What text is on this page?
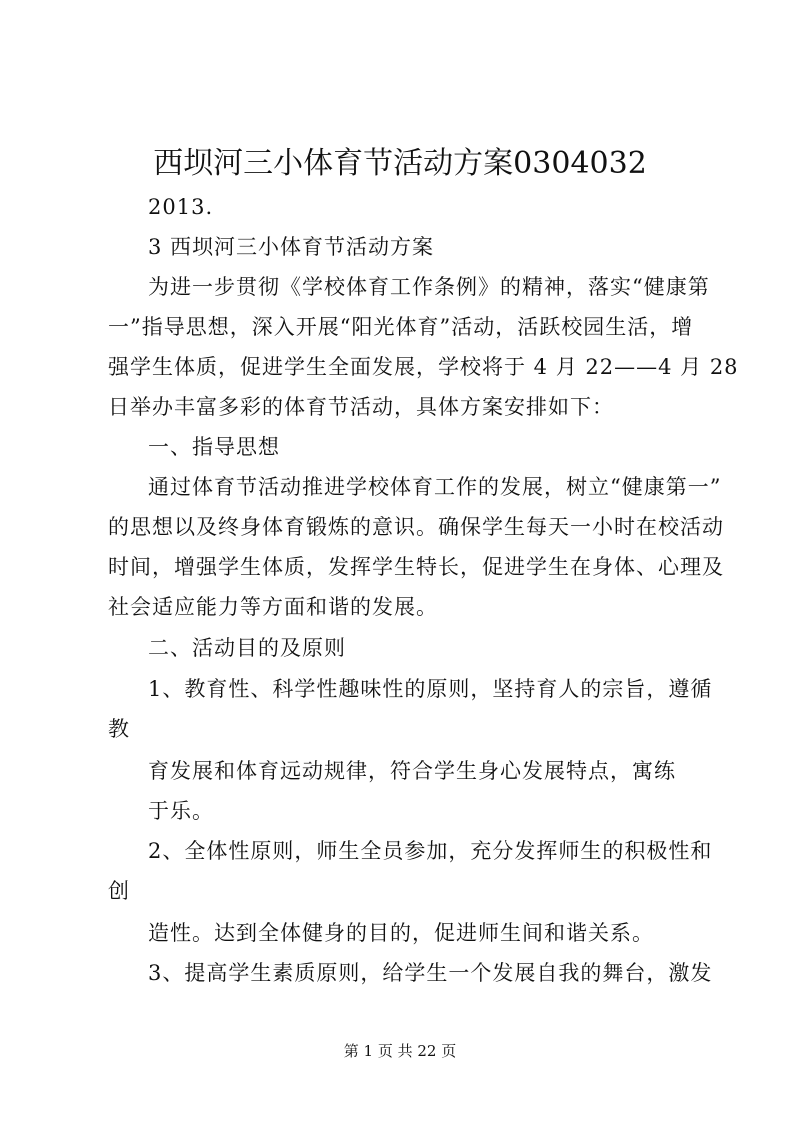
西坝河三小体育节活动方案0304032
2013.
3 西坝河三小体育节活动方案
为进一步贯彻《学校体育工作条例》的精神，落实“健康第
一”指导思想，深入开展“阳光体育”活动，活跃校园生活，增
强学生体质，促进学生全面发展，学校将于 4 月 22——4 月 28
日举办丰富多彩的体育节活动，具体方案安排如下：
一、指导思想
通过体育节活动推进学校体育工作的发展，树立“健康第一”
的思想以及终身体育锻炼的意识。确保学生每天一小时在校活动
时间，增强学生体质，发挥学生特长，促进学生在身体、心理及
社会适应能力等方面和谐的发展。
二、活动目的及原则
1、教育性、科学性趣味性的原则，坚持育人的宗旨，遵循
教
育发展和体育远动规律，符合学生身心发展特点，寓练
于乐。
2、全体性原则，师生全员参加，充分发挥师生的积极性和
创
造性。达到全体健身的目的，促进师生间和谐关系。
3、提高学生素质原则，给学生一个发展自我的舞台，激发
第 1 页 共 22 页
